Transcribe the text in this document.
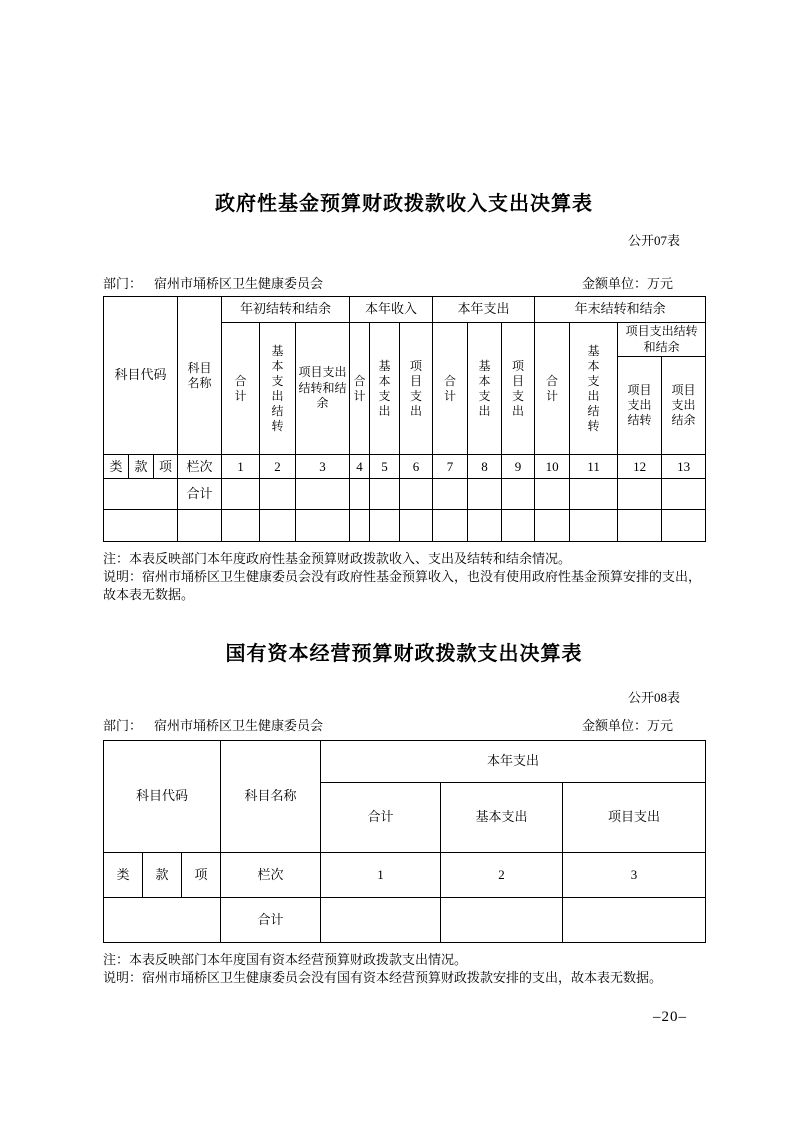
政府性基金预算财政拨款收入支出决算表
公开07表
部门： 宿州市埇桥区卫生健康委员会	金额单位：万元
科目代码			科目名称	年初结转和结余			本年收入			本年支出			年末结转和结余			

				合计	基本支出结转	项目支出结转和结余	合计	基本支出	项目支出	合计	基本支出	项目支出	合计	基本支出结转	项目支出结转和结余	

															项目支出结转	项目支出结余

类	款	项	栏次	1	2	3	4	5	6	7	8	9	10	11	12	13
			合计													

注：本表反映部门本年度政府性基金预算财政拨款收入、支出及结转和结余情况。

说明：宿州市埇桥区卫生健康委员会没有政府性基金预算收入，也没有使用政府性基金预算安排的支出，故本表无数据。

国有资本经营预算财政拨款支出决算表
公开08表
部门： 宿州市埇桥区卫生健康委员会	金额单位：万元
科目代码			科目名称	本年支出		
				合计	基本支出	项目支出
类	款	项	栏次	1	2	3
			合计			

注：本表反映部门本年度国有资本经营预算财政拨款支出情况。

说明：宿州市埇桥区卫生健康委员会没有国有资本经营预算财政拨款安排的支出，故本表无数据。

–20–
